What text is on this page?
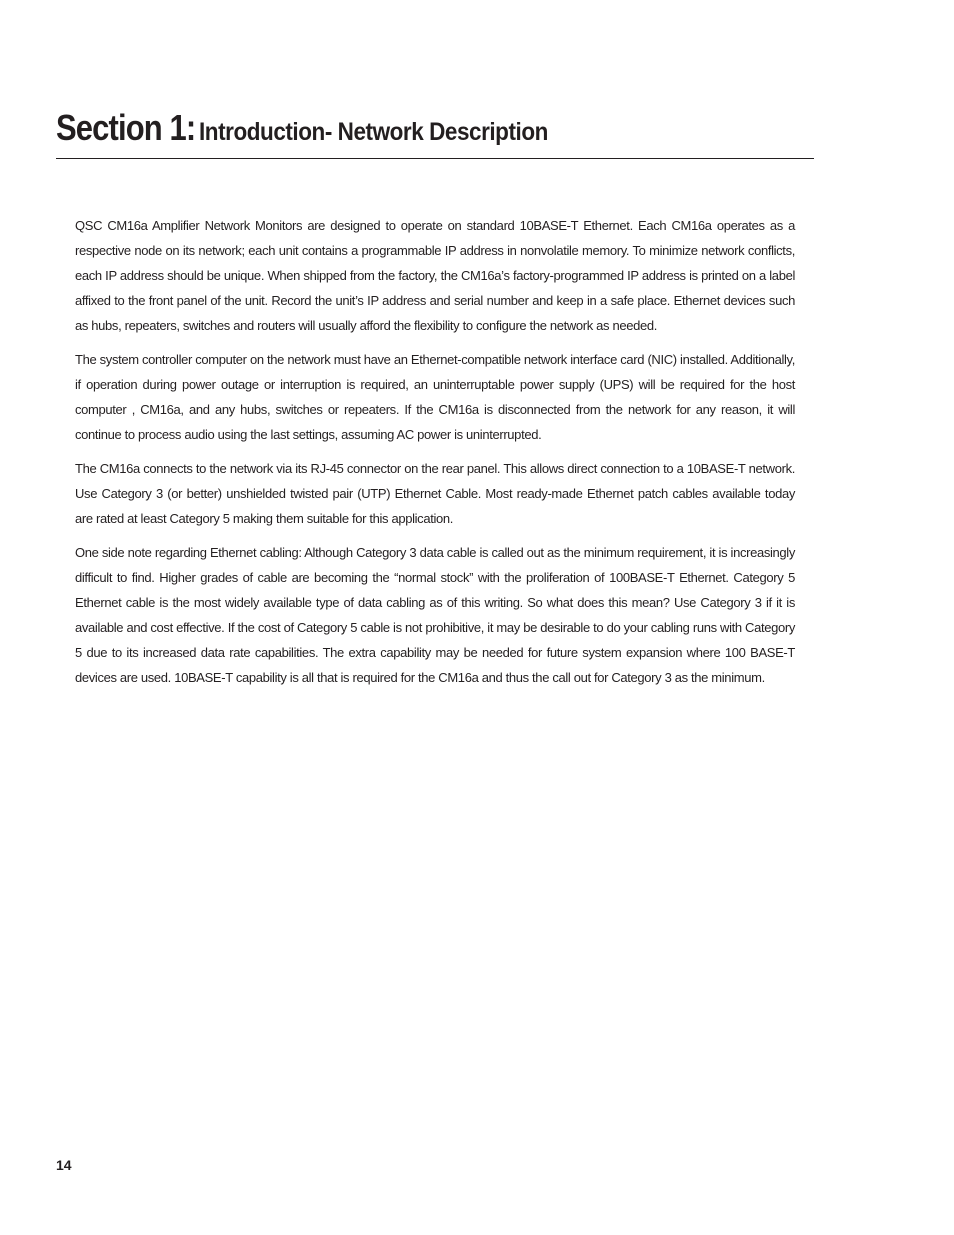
Section 1: Introduction- Network Description

QSC CM16a Amplifier Network Monitors are designed to operate on standard 10BASE-T Ethernet. Each CM16a operates as a respective node on its network; each unit contains a programmable IP address in nonvolatile memory. To minimize network conflicts, each IP address should be unique. When shipped from the factory, the CM16a’s factory-programmed IP address is printed on a label affixed to the front panel of the unit. Record the unit’s IP address and serial number and keep in a safe place. Ethernet devices such as hubs, repeaters, switches and routers will usually afford the flexibility to configure the network as needed.

The system controller computer on the network must have an Ethernet-compatible network interface card (NIC) installed. Additionally, if operation during power outage or interruption is required, an uninterruptable power supply (UPS) will be required for the host computer , CM16a, and any hubs, switches or repeaters. If the CM16a is disconnected from the network for any reason, it will continue to process audio using the last settings, assuming AC power is uninterrupted.

The CM16a connects to the network via its RJ-45 connector on the rear panel. This allows direct connection to a 10BASE-T network. Use Category 3 (or better) unshielded twisted pair (UTP) Ethernet Cable. Most ready-made Ethernet patch cables available today are rated at least Category 5 making them suitable for this application.

One side note regarding Ethernet cabling: Although Category 3 data cable is called out as the minimum requirement, it is increasingly difficult to find. Higher grades of cable are becoming the “normal stock” with the proliferation of 100BASE-T Ethernet. Category 5 Ethernet cable is the most widely available type of data cabling as of this writing. So what does this mean? Use Category 3 if it is available and cost effective. If the cost of Category 5 cable is not prohibitive, it may be desirable to do your cabling runs with Category 5 due to its increased data rate capabilities. The extra capability may be needed for future system expansion where 100 BASE-T devices are used. 10BASE-T capability is all that is required for the CM16a and thus the call out for Category 3 as the minimum.

14
